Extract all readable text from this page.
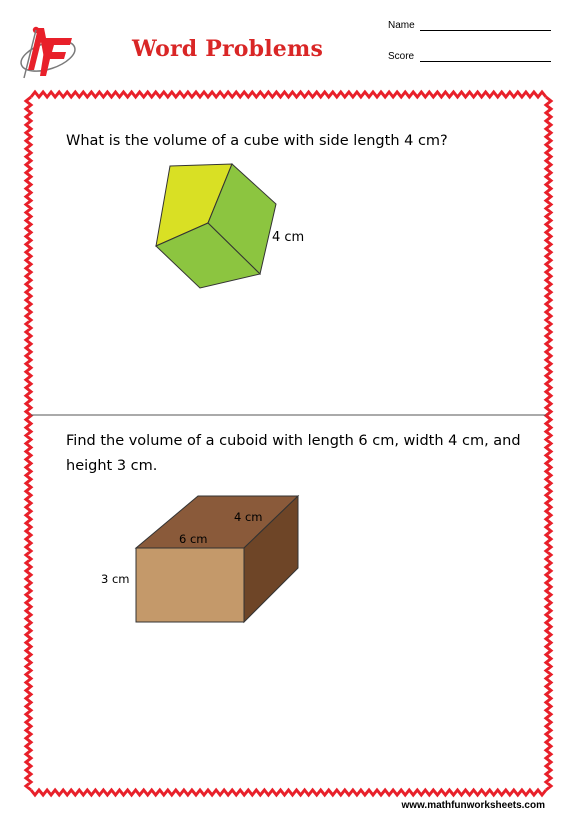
Word Problems
Name
Score
What is the volume of a cube with side length 4 cm?
4 cm
Find the volume of a cuboid with length 6 cm, width 4 cm, and height 3 cm.
6 cm
4 cm
3 cm
www.mathfunworksheets.com
